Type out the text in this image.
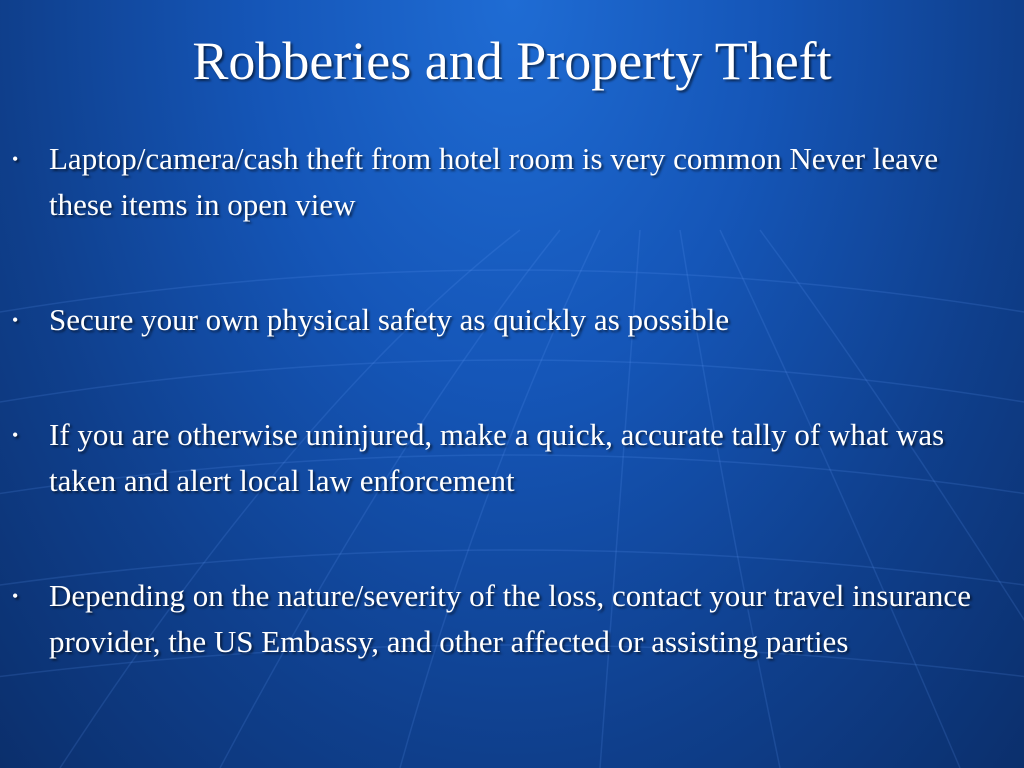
Robberies and Property Theft
• Laptop/camera/cash theft from hotel room is very common Never leave these items in open view
• Secure your own physical safety as quickly as possible
• If you are otherwise uninjured, make a quick, accurate tally of what was taken and alert local law enforcement
• Depending on the nature/severity of the loss, contact your travel insurance provider, the US Embassy, and other affected or assisting parties
